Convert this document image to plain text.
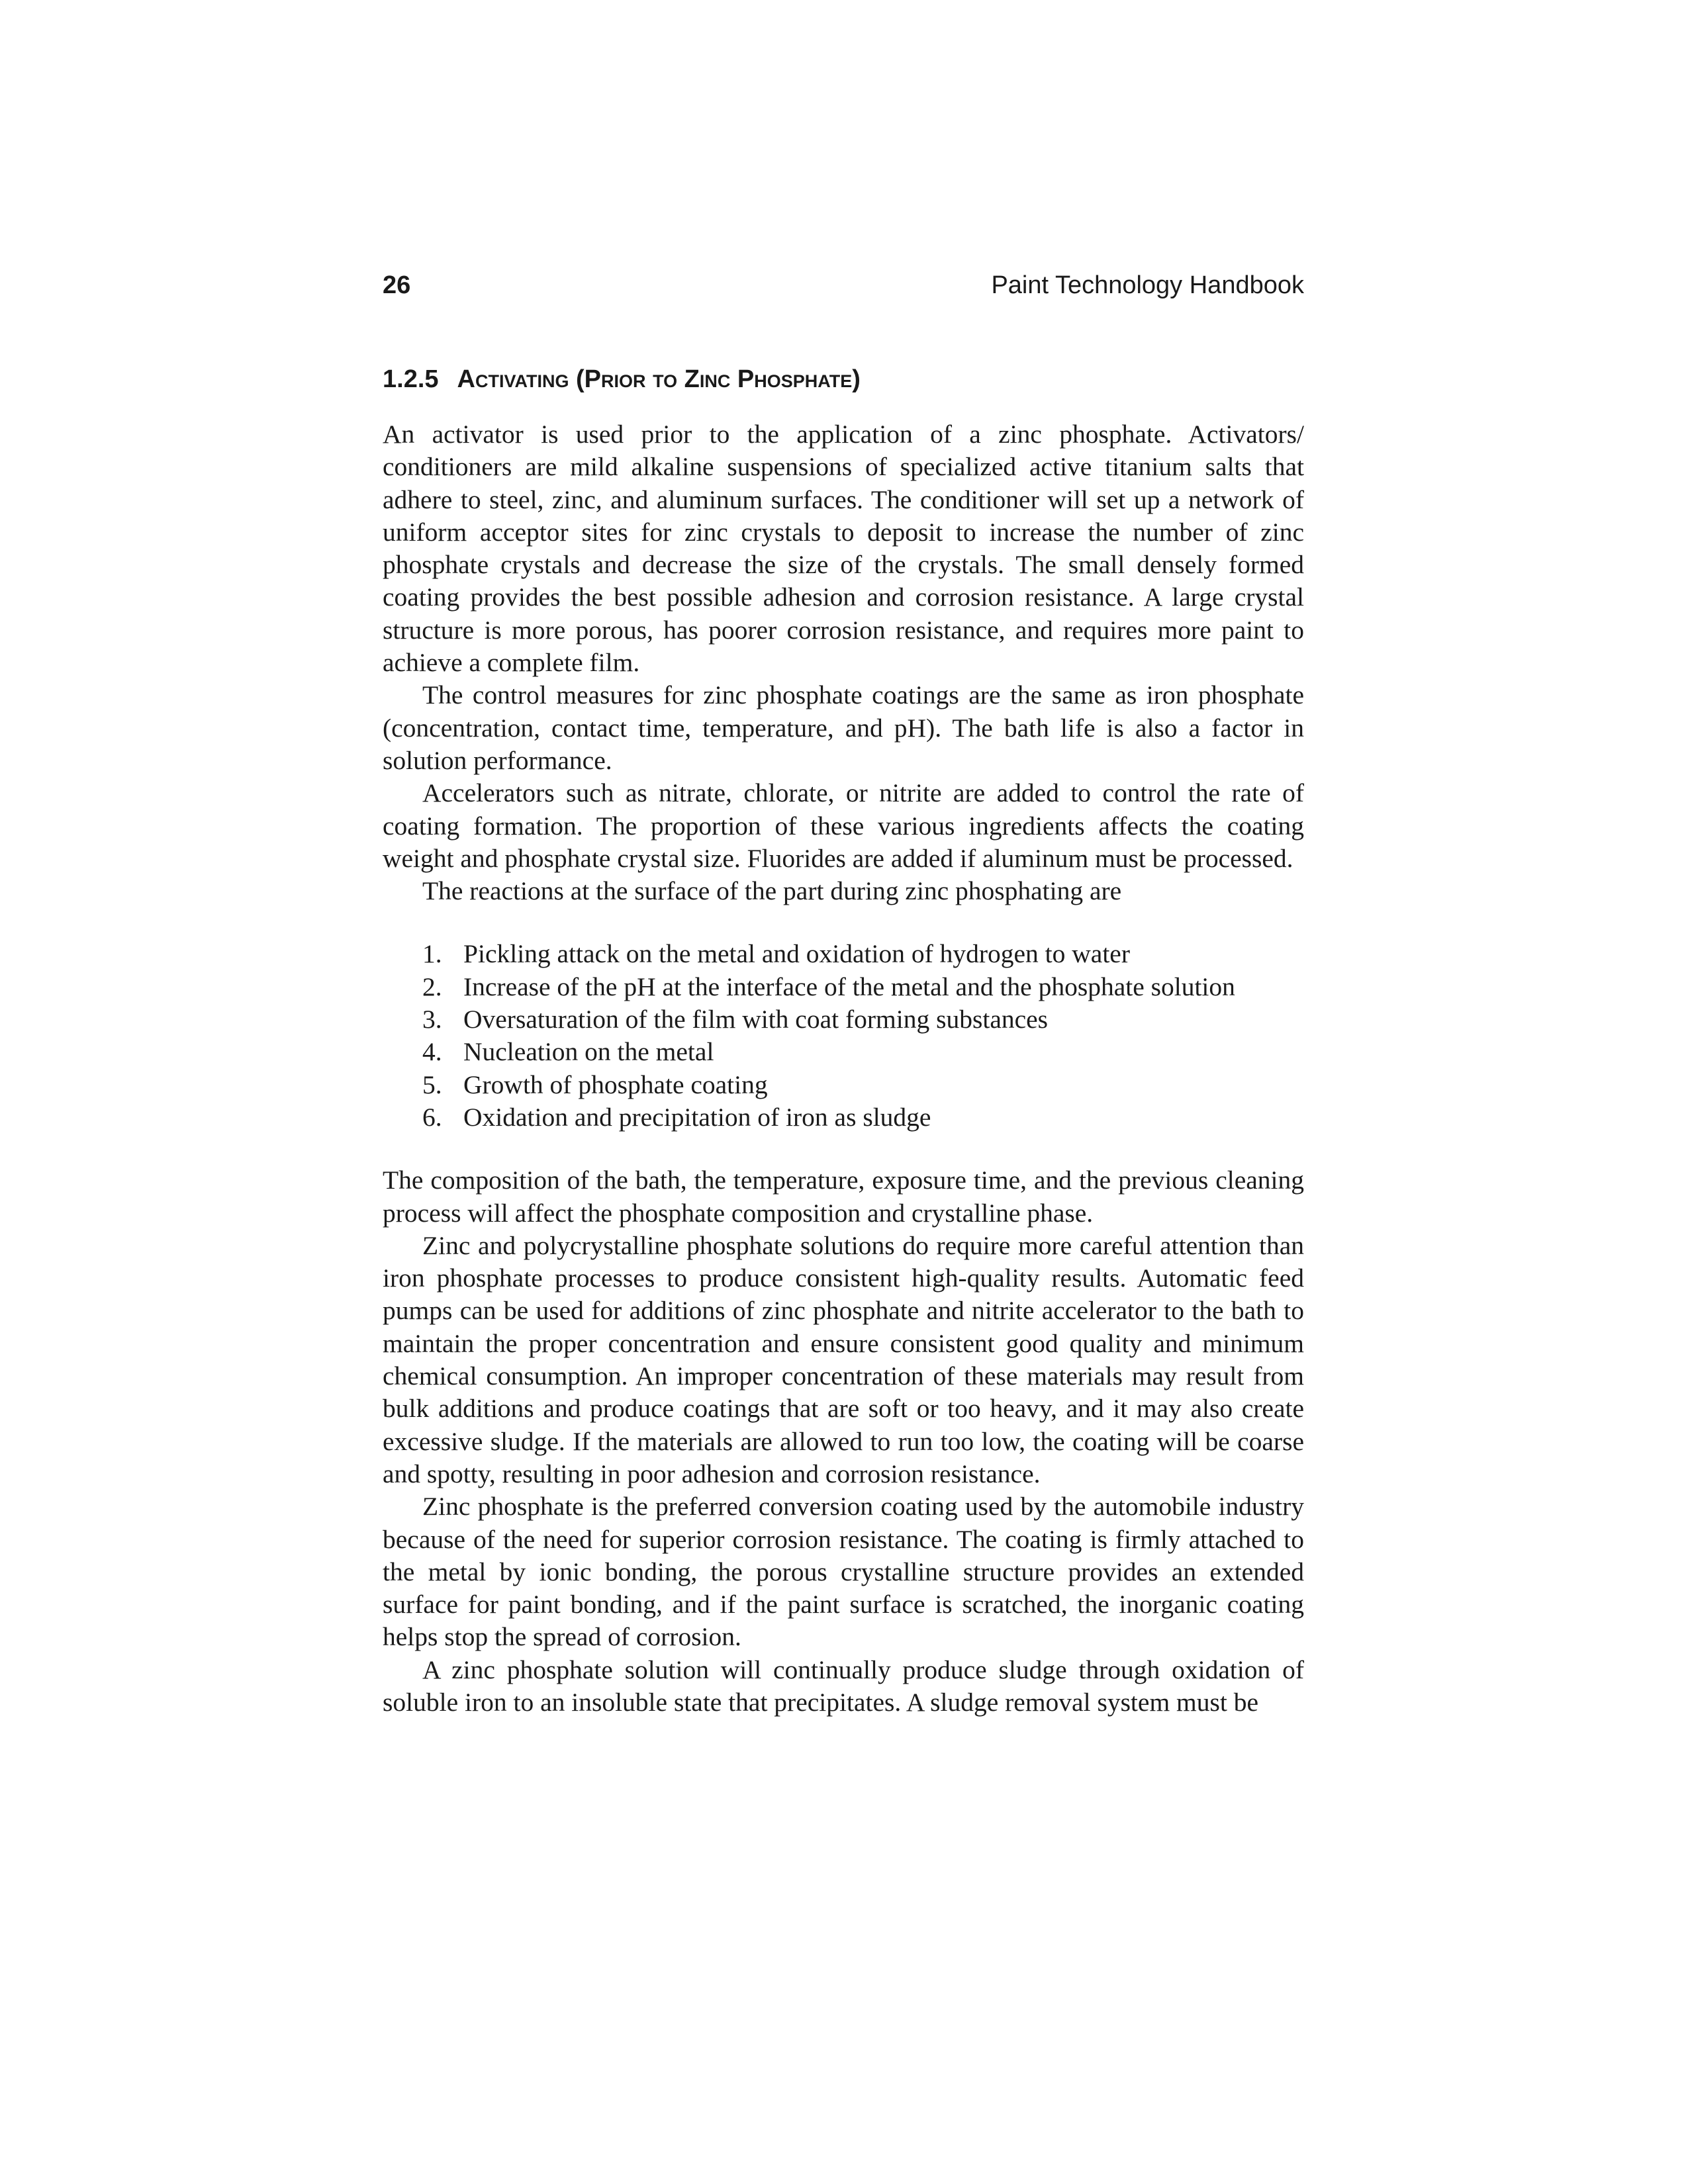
26	Paint Technology Handbook
1.2.5 Activating (Prior to Zinc Phosphate)

An activator is used prior to the application of a zinc phosphate. Activators/ conditioners are mild alkaline suspensions of specialized active titanium salts that adhere to steel, zinc, and aluminum surfaces. The conditioner will set up a network of uniform acceptor sites for zinc crystals to deposit to increase the number of zinc phosphate crystals and decrease the size of the crystals. The small densely formed coating provides the best possible adhesion and corrosion resistance. A large crystal structure is more porous, has poorer corrosion resistance, and requires more paint to achieve a complete film.

The control measures for zinc phosphate coatings are the same as iron phosphate (concentration, contact time, temperature, and pH). The bath life is also a factor in solution performance.

Accelerators such as nitrate, chlorate, or nitrite are added to control the rate of coating formation. The proportion of these various ingredients affects the coating weight and phosphate crystal size. Fluorides are added if aluminum must be processed.

The reactions at the surface of the part during zinc phosphating are

1. Pickling attack on the metal and oxidation of hydrogen to water
2. Increase of the pH at the interface of the metal and the phosphate solution
3. Oversaturation of the film with coat forming substances
4. Nucleation on the metal
5. Growth of phosphate coating
6. Oxidation and precipitation of iron as sludge

The composition of the bath, the temperature, exposure time, and the previous cleaning process will affect the phosphate composition and crystalline phase.

Zinc and polycrystalline phosphate solutions do require more careful attention than iron phosphate processes to produce consistent high-quality results. Automatic feed pumps can be used for additions of zinc phosphate and nitrite accelerator to the bath to maintain the proper concentration and ensure consistent good quality and minimum chemical consumption. An improper concentration of these materials may result from bulk additions and produce coatings that are soft or too heavy, and it may also create excessive sludge. If the materials are allowed to run too low, the coating will be coarse and spotty, resulting in poor adhesion and corrosion resistance.

Zinc phosphate is the preferred conversion coating used by the automobile industry because of the need for superior corrosion resistance. The coating is firmly attached to the metal by ionic bonding, the porous crystalline structure provides an extended surface for paint bonding, and if the paint surface is scratched, the inorganic coating helps stop the spread of corrosion.

A zinc phosphate solution will continually produce sludge through oxidation of soluble iron to an insoluble state that precipitates. A sludge removal system must be
